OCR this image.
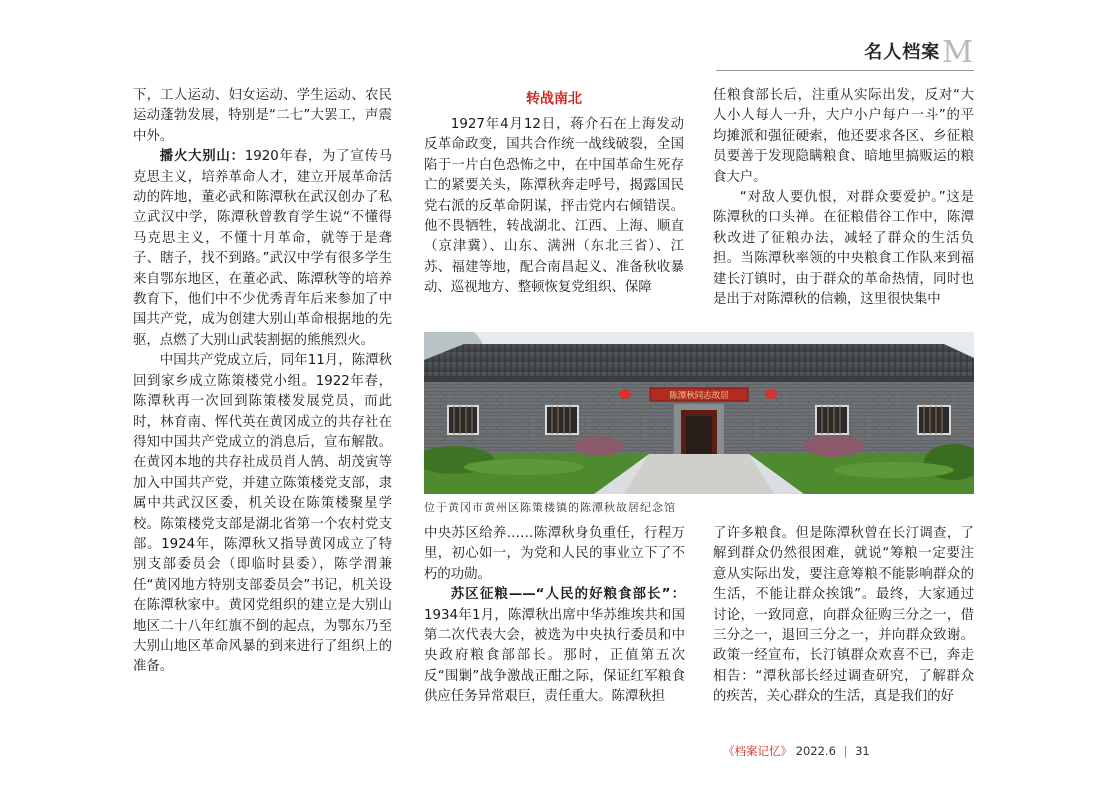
名人档案 M

下，工人运动、妇女运动、学生运动、农民运动蓬勃发展，特别是“二七”大罢工，声震中外。

播火大别山：1920年春，为了宣传马克思主义，培养革命人才，建立开展革命活动的阵地，董必武和陈潭秋在武汉创办了私立武汉中学，陈潭秋曾教育学生说“不懂得马克思主义，不懂十月革命，就等于是聋子、瞎子，找不到路。”武汉中学有很多学生来自鄂东地区，在董必武、陈潭秋等的培养教育下，他们中不少优秀青年后来参加了中国共产党，成为创建大别山革命根据地的先驱，点燃了大别山武装割据的熊熊烈火。

中国共产党成立后，同年11月，陈潭秋回到家乡成立陈策楼党小组。1922年春，陈潭秋再一次回到陈策楼发展党员，而此时，林育南、恽代英在黄冈成立的共存社在得知中国共产党成立的消息后，宣布解散。在黄冈本地的共存社成员肖人鹄、胡茂寅等加入中国共产党，并建立陈策楼党支部，隶属中共武汉区委，机关设在陈策楼聚星学校。陈策楼党支部是湖北省第一个农村党支部。1924年，陈潭秋又指导黄冈成立了特别支部委员会（即临时县委），陈学渭兼任“黄冈地方特别支部委员会”书记，机关设在陈潭秋家中。黄冈党组织的建立是大别山地区二十八年红旗不倒的起点，为鄂东乃至大别山地区革命风暴的到来进行了组织上的准备。

转战南北

1927年4月12日，蒋介石在上海发动反革命政变，国共合作统一战线破裂，全国陷于一片白色恐怖之中，在中国革命生死存亡的紧要关头，陈潭秋奔走呼号，揭露国民党右派的反革命阴谋，抨击党内右倾错误。他不畏牺牲，转战湖北、江西、上海、顺直（京津冀）、山东、满洲（东北三省）、江苏、福建等地，配合南昌起义、准备秋收暴动、巡视地方、整顿恢复党组织、保障

任粮食部长后，注重从实际出发，反对“大人小人每人一升，大户小户每户一斗”的平均摊派和强征硬索，他还要求各区、乡征粮员要善于发现隐瞒粮食、暗地里搞贩运的粮食大户。

“对敌人要仇恨，对群众要爱护。”这是陈潭秋的口头禅。在征粮借谷工作中，陈潭秋改进了征粮办法，减轻了群众的生活负担。当陈潭秋率领的中央粮食工作队来到福建长汀镇时，由于群众的革命热情，同时也是出于对陈潭秋的信赖，这里很快集中

陈潭秋同志故居
位于黄冈市黄州区陈策楼镇的陈潭秋故居纪念馆

中央苏区给养……陈潭秋身负重任，行程万里，初心如一，为党和人民的事业立下了不朽的功勋。

苏区征粮——“人民的好粮食部长”：1934年1月，陈潭秋出席中华苏维埃共和国第二次代表大会，被选为中央执行委员和中央政府粮食部部长。那时，正值第五次反“围剿”战争激战正酣之际，保证红军粮食供应任务异常艰巨，责任重大。陈潭秋担

了许多粮食。但是陈潭秋曾在长汀调查，了解到群众仍然很困难，就说“筹粮一定要注意从实际出发，要注意筹粮不能影响群众的生活，不能让群众挨饿”。最终，大家通过讨论，一致同意，向群众征购三分之一，借三分之一，退回三分之一，并向群众致谢。政策一经宣布，长汀镇群众欢喜不已，奔走相告：“潭秋部长经过调查研究，了解群众的疾苦，关心群众的生活，真是我们的好

《档案记忆》 2022.6 | 31
